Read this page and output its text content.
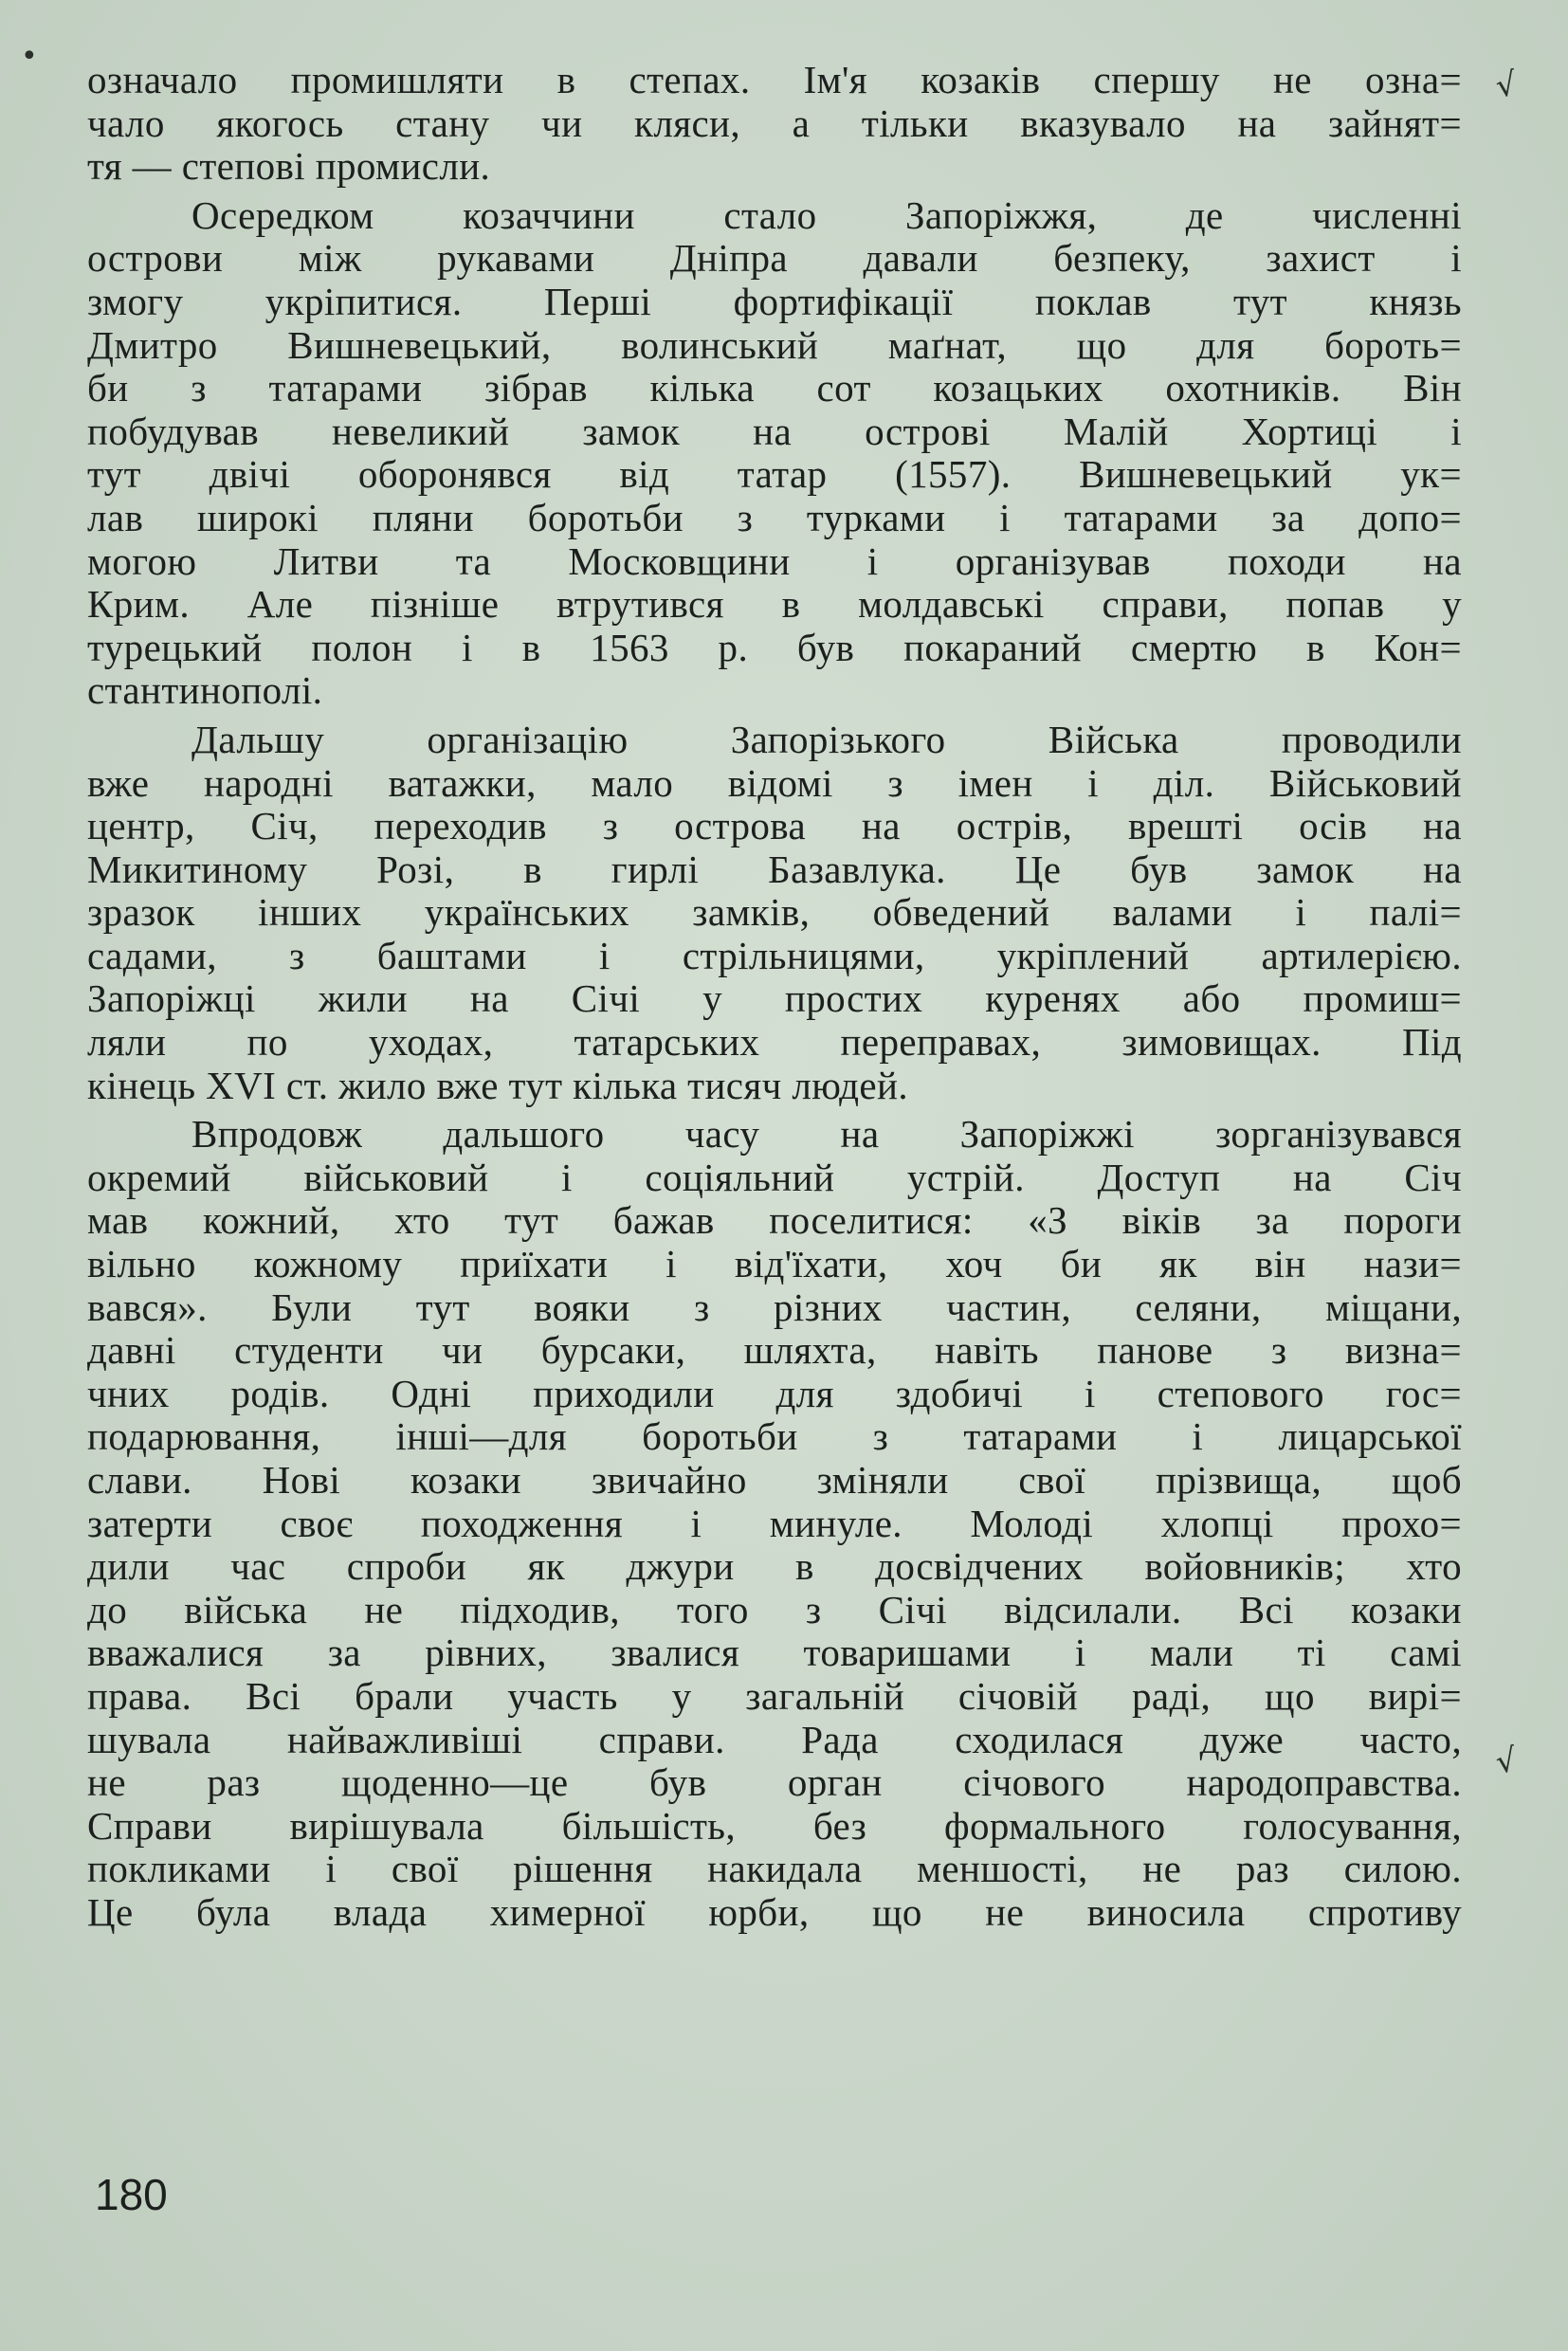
•
√
√
означало промишляти в степах. Ім'я козаків спершу не озна=
чало якогось стану чи кляси, а тільки вказувало на зайнят=
тя — степові промисли.
Осередком козаччини стало Запоріжжя, де численні
острови між рукавами Дніпра давали безпеку, захист і
змогу укріпитися. Перші фортифікації поклав тут князь
Дмитро Вишневецький, волинський маґнат, що для борoть=
би з татарами зібрав кілька сот козацьких охотників. Він
побудував невеликий замок на острові Малій Хортиці і
тут двічі оборонявся від татар (1557). Вишневецький ук=
лав широкі пляни боротьби з турками і татарами за допо=
могою Литви та Московщини і організував походи на
Крим. Але пізніше втрутився в молдавські справи, попав у
турецький полон і в 1563 р. був покараний смертю в Кон=
стантинополі.
Дальшу організацію Запорізького Війська проводили
вже народні ватажки, мало відомі з імен і діл. Військовий
центр, Січ, переходив з острова на острів, врешті осів на
Микитиному Розі, в гирлі Базавлука. Це був замок на
зразок інших українських замків, обведений валами і палі=
садами, з баштами і стрільницями, укріплений артилерією.
Запоріжці жили на Січі у простих куренях або промиш=
ляли по уходах, татарських переправах, зимовищах. Під
кінець XVI ст. жило вже тут кілька тисяч людей.
Впродовж дальшого часу на Запоріжжі зорганізувався
окремий військовий і соціяльний устрій. Доступ на Січ
мав кожний, хто тут бажав поселитися: «З віків за пороги
вільно кожному приїхати і від'їхати, хоч би як він нази=
вався». Були тут вояки з різних частин, селяни, міщани,
давні студенти чи бурсаки, шляхта, навіть панове з визна=
чних родів. Одні приходили для здобичі і степового гос=
подарювання, інші—для боротьби з татарами і лицарської
слави. Нові козаки звичайно зміняли свої прізвища, щоб
затерти своє походження і минуле. Молоді хлопці прохо=
дили час спроби як джури в досвідчених войовників; хто
до війська не підходив, того з Січі відсилали. Всі козаки
вважалися за рівних, звалися товаришами і мали ті самі
права. Всі брали участь у загальній січовій раді, що вирі=
шувала найважливіші справи. Рада сходилася дуже часто,
не раз щоденно—це був орган січового народоправства.
Справи вирішувала більшість, без формального голосування,
покликами і свої рішення накидала меншості, не раз силою.
Це була влада химерної юрби, що не виносила спротиву
180
